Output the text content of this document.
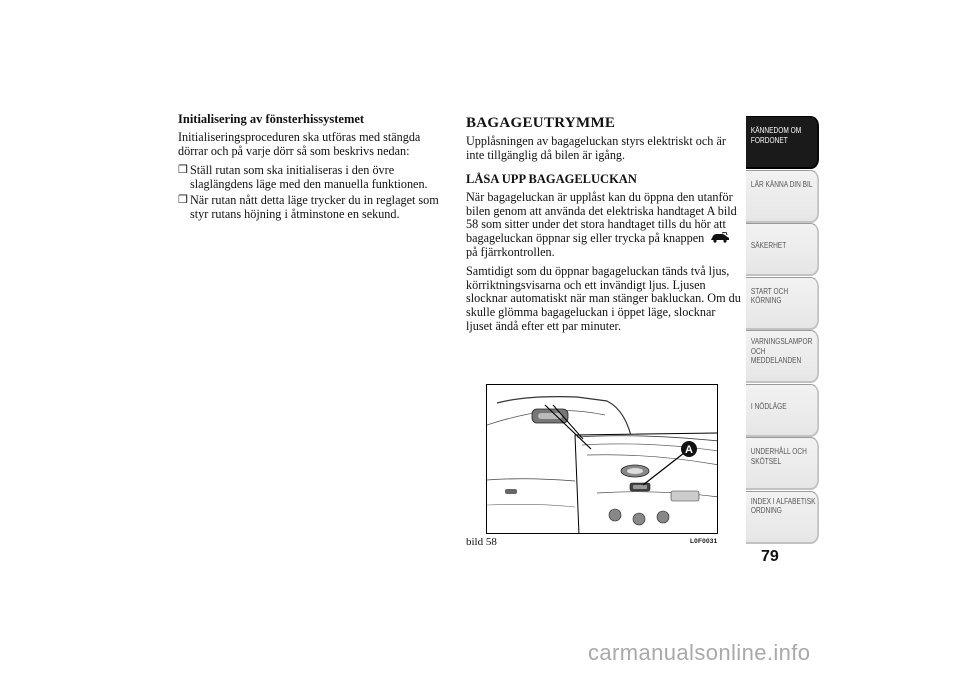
Initialisering av fönsterhissystemet

Initialiseringsproceduren ska utföras med stängda dörrar och på varje dörr så som beskrivs nedan:

❒ Ställ rutan som ska initialiseras i den övre slaglängdens läge med den manuella funktionen.
❒ När rutan nått detta läge trycker du in reglaget som styr rutans höjning i åtminstone en sekund.
BAGAGEUTRYMME

Upplåsningen av bagageluckan styrs elektriskt och är inte tillgänglig då bilen är igång.

LÅSA UPP BAGAGELUCKAN

När bagageluckan är upplåst kan du öppna den utanför bilen genom att använda det elektriska handtaget A bild 58 som sitter under det stora handtaget tills du hör att bagageluckan öppnar sig eller trycka på knappen  på fjärrkontrollen.

Samtidigt som du öppnar bagageluckan tänds två ljus, körriktningsvisarna och ett invändigt ljus. Ljusen slocknar automatiskt när man stänger bakluckan. Om du skulle glömma bagageluckan i öppet läge, slocknar ljuset ändå efter ett par minuter.

A
bild 58	L0F0031
KÄNNEDOM OM FORDONET
LÄR KÄNNA DIN BIL
SÄKERHET
START OCH KÖRNING
VARNINGSLAMPOR OCH MEDDELANDEN
I NÖDLÄGE
UNDERHÅLL OCH SKÖTSEL
INDEX I ALFABETISK ORDNING
79
carmanualsonline.info
